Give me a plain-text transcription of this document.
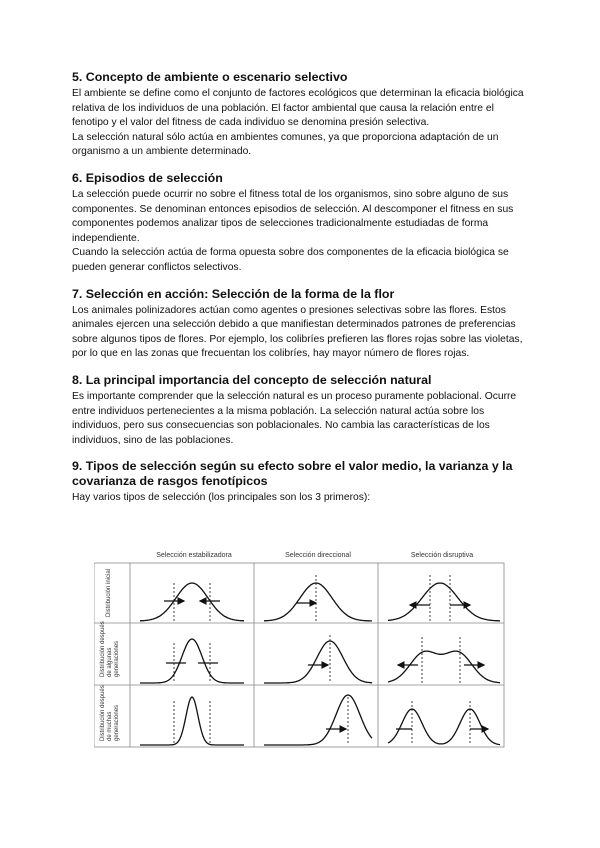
5. Concepto de ambiente o escenario selectivo

El ambiente se define como el conjunto de factores ecológicos que determinan la eficacia biológica relativa de los individuos de una población. El factor ambiental que causa la relación entre el fenotipo y el valor del fitness de cada individuo se denomina presión selectiva.

La selección natural sólo actúa en ambientes comunes, ya que proporciona adaptación de un organismo a un ambiente determinado.

6. Episodios de selección

La selección puede ocurrir no sobre el fitness total de los organismos, sino sobre alguno de sus componentes. Se denominan entonces episodios de selección. Al descomponer el fitness en sus componentes podemos analizar tipos de selecciones tradicionalmente estudiadas de forma independiente.

Cuando la selección actúa de forma opuesta sobre dos componentes de la eficacia biológica se pueden generar conflictos selectivos.

7. Selección en acción: Selección de la forma de la flor

Los animales polinizadores actúan como agentes o presiones selectivas sobre las flores. Estos animales ejercen una selección debido a que manifiestan determinados patrones de preferencias sobre algunos tipos de flores. Por ejemplo, los colibríes prefieren las flores rojas sobre las violetas, por lo que en las zonas que frecuentan los colibríes, hay mayor número de flores rojas.

8. La principal importancia del concepto de selección natural

Es importante comprender que la selección natural es un proceso puramente poblacional. Ocurre entre individuos pertenecientes a la misma población. La selección natural actúa sobre los individuos, pero sus consecuencias son poblacionales. No cambia las características de los individuos, sino de las poblaciones.

9. Tipos de selección según su efecto sobre el valor medio, la varianza y la covarianza de rasgos fenotípicos

Hay varios tipos de selección (los principales son los 3 primeros):

Selección estabilizadora	Selección direccional	Selección disruptiva
Distribución inicial
Distribución después de algunas generaciones
Distribución después de muchas generaciones
